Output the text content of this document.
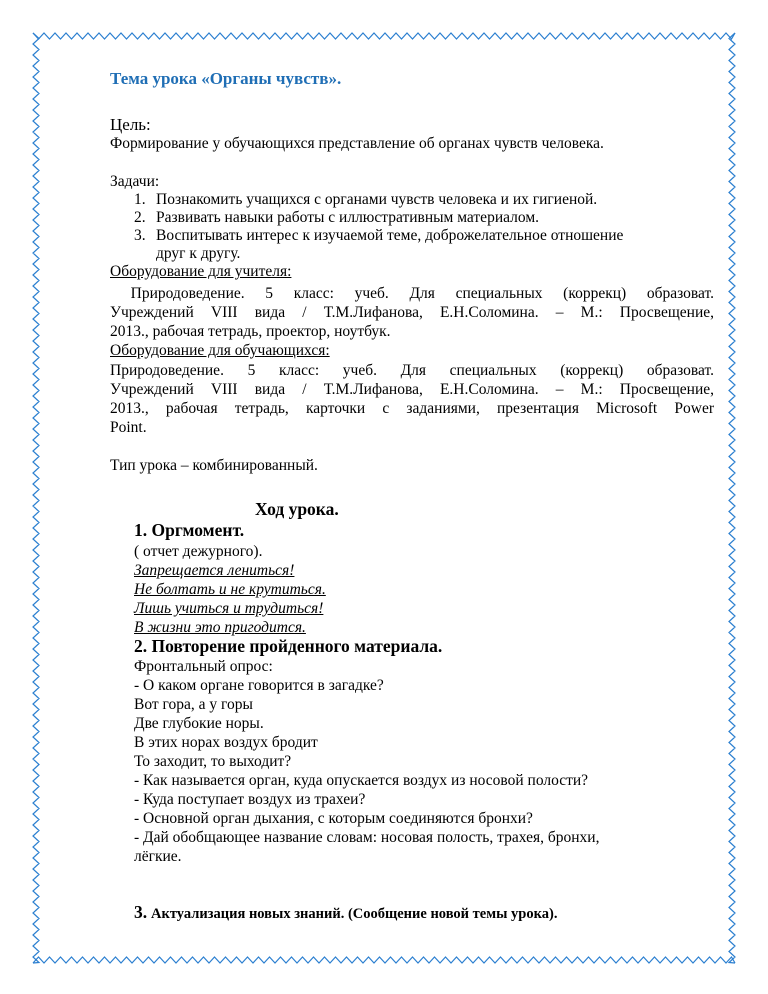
Тема урока «Органы чувств».
Цель:
Формирование у обучающихся представление об органах чувств человека.
Задачи:
1. Познакомить учащихся с органами чувств человека и их гигиеной.
2. Развивать навыки работы с иллюстративным материалом.
3. Воспитывать интерес к изучаемой теме, доброжелательное отношение
друг к другу.
Оборудование для учителя:
Природоведение. 5 класс: учеб. Для специальных (коррекц) образоват.
Учреждений VIII вида / Т.М.Лифанова, Е.Н.Соломина. – М.: Просвещение,
2013., рабочая тетрадь, проектор, ноутбук.
Оборудование для обучающихся:
Природоведение. 5 класс: учеб. Для специальных (коррекц) образоват.
Учреждений VIII вида / Т.М.Лифанова, Е.Н.Соломина. – М.: Просвещение,
2013., рабочая тетрадь, карточки с заданиями, презентация Microsoft Power
Point.
Тип урока – комбинированный.
Ход урока.
1. Оргмомент.
( отчет дежурного).
Запрещается лениться!
Не болтать и не крутиться.
Лишь учиться и трудиться!
В жизни это пригодится.
2. Повторение пройденного материала.
Фронтальный опрос:
- О каком органе говорится в загадке?
Вот гора, а у горы
Две глубокие норы.
В этих норах воздух бродит
То заходит, то выходит?
- Как называется орган, куда опускается воздух из носовой полости?
- Куда поступает воздух из трахеи?
- Основной орган дыхания, с которым соединяются бронхи?
- Дай обобщающее название словам: носовая полость, трахея, бронхи,
лёгкие.
3. Актуализация новых знаний. (Сообщение новой темы урока).
